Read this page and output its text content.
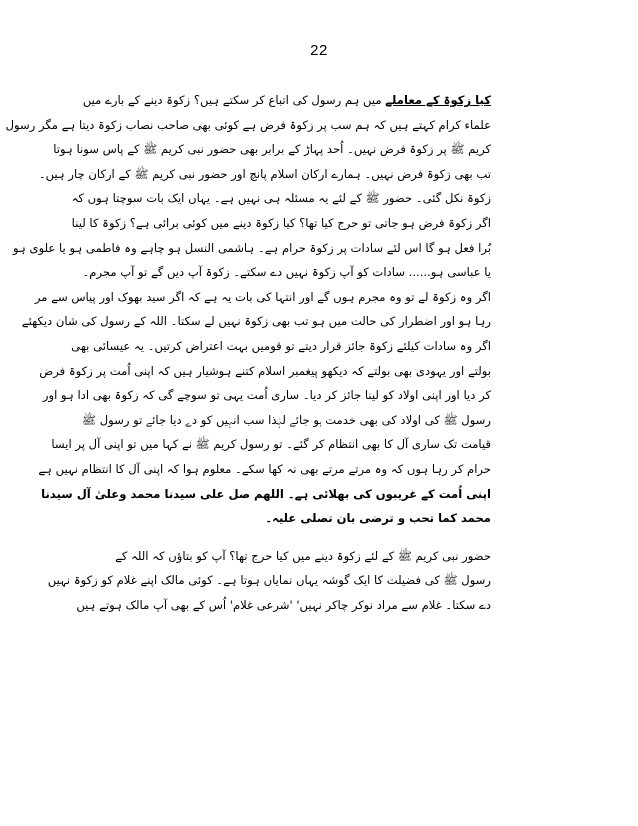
22
کیا زکوۃ کے معاملے میں ہم رسول کی اتباع کر سکتے ہیں؟ زکوۃ دینے کے بارے میں
علماء کرام کہتے ہیں کہ ہم سب پر زکوۃ فرض ہے کوئی بھی صاحب نصاب زکوۃ دیتا ہے مگر رسول
کریم ﷺ پر زکوۃ فرض نہیں۔ اُحد پہاڑ کے برابر بھی حضور نبی کریم ﷺ کے پاس سونا ہوتا
تب بھی زکوۃ فرض نہیں۔ ہمارے ارکان اسلام پانچ اور حضور نبی کریم ﷺ کے ارکان چار ہیں۔
زکوۃ نکل گئی۔ حضور ﷺ کے لئے یہ مسئلہ ہی نہیں ہے۔ یہاں ایک بات سوچتا ہوں کہ
اگر زکوۃ فرض ہو جاتی تو حرج کیا تھا؟ کیا زکوۃ دینے میں کوئی برائی ہے؟ زکوۃ کا لینا
بُرا فعل ہو گا اس لئے سادات پر زکوۃ حرام ہے۔ ہاشمی النسل ہو چاہے وہ فاطمی ہو یا علوی ہو
یا عباسی ہو...... سادات کو آپ زکوۃ نہیں دے سکتے۔ زکوۃ آپ دیں گے تو آپ مجرم۔
اگر وہ زکوۃ لے تو وہ مجرم ہوں گے اور انتہا کی بات یہ ہے کہ اگر سید بھوک اور پیاس سے مر
رہا ہو اور اضطرار کی حالت میں ہو تب بھی زکوۃ نہیں لے سکتا۔ اللہ کے رسول کی شان دیکھئے
اگر وہ سادات کیلئے زکوۃ جائز قرار دیتے تو قومیں بہت اعتراض کرتیں۔ یہ عیسائی بھی
بولتے اور یہودی بھی بولتے کہ دیکھو پیغمبر اسلام کتنے ہوشیار ہیں کہ اپنی اُمت پر زکوۃ فرض
کر دیا اور اپنی اولاد کو لینا جائز کر دیا۔ ساری اُمت یہی تو سوچے گی کہ زکوۃ بھی ادا ہو اور
رسول ﷺ کی اولاد کی بھی خدمت ہو جائے لہٰذا سب انہیں کو دے دیا جائے تو رسول ﷺ
قیامت تک ساری آل کا بھی انتظام کر گئے۔ تو رسول کریم ﷺ نے کہا میں تو اپنی آل پر ایسا
حرام کر رہا ہوں کہ وہ مرتے مرتے بھی نہ کھا سکے۔ معلوم ہوا کہ اپنی آل کا انتظام نہیں ہے
اپنی اُمت کے غریبوں کی بھلائی ہے۔ اللھم صل علی سیدنا محمد وعلیٰ آل سیدنا
محمد کما تحب و ترضی بان تصلی علیہ۔
حضور نبی کریم ﷺ کے لئے زکوۃ دینے میں کیا حرج تھا؟ آپ کو بتاؤں کہ اللہ کے
رسول ﷺ کی فضیلت کا ایک گوشہ یہاں نمایاں ہوتا ہے۔ کوئی مالک اپنے غلام کو زکوۃ نہیں
دے سکتا۔ غلام سے مراد نوکر چاکر نہیں' 'شرعی غلام' اُس کے بھی آپ مالک ہوتے ہیں
